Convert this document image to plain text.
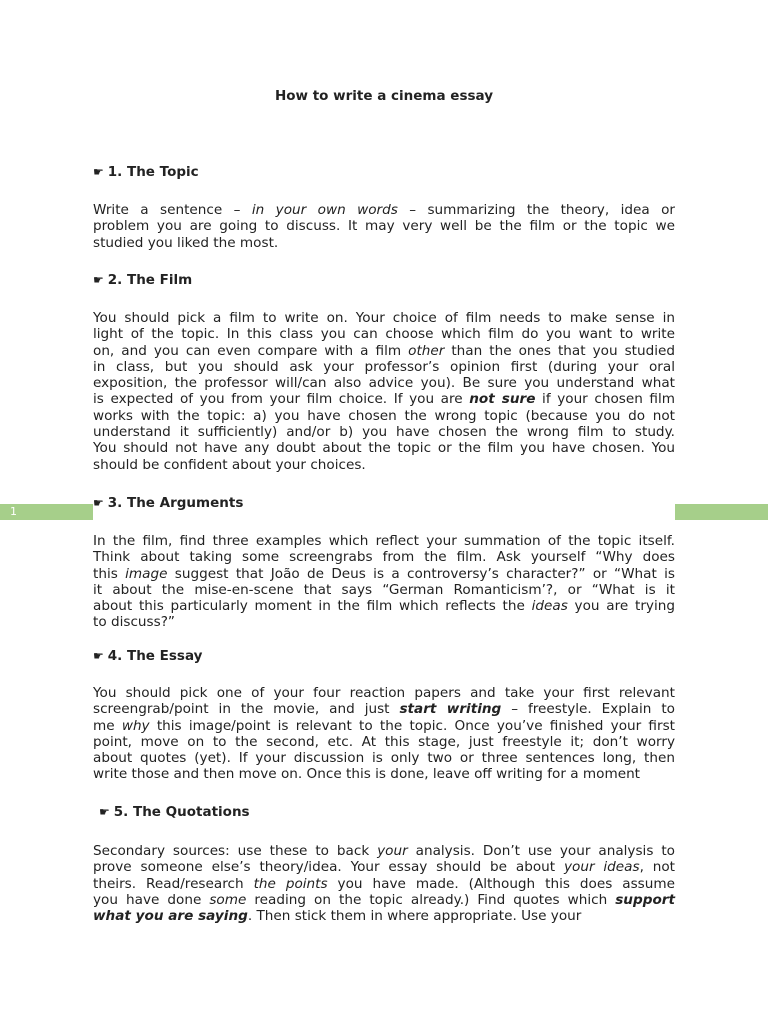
How to write a cinema essay
☛ 1. The Topic
Write a sentence – in your own words – summarizing the theory, idea or
problem you are going to discuss. It may very well be the film or the topic we
studied you liked the most.
☛ 2. The Film
You should pick a film to write on. Your choice of film needs to make sense in
light of the topic. In this class you can choose which film do you want to write
on, and you can even compare with a film other than the ones that you studied
in class, but you should ask your professor’s opinion first (during your oral
exposition, the professor will/can also advice you). Be sure you understand what
is expected of you from your film choice. If you are not sure if your chosen film
works with the topic: a) you have chosen the wrong topic (because you do not
understand it sufficiently) and/or b) you have chosen the wrong film to study.
You should not have any doubt about the topic or the film you have chosen. You
should be confident about your choices.
1
☛ 3. The Arguments
In the film, find three examples which reflect your summation of the topic itself.
Think about taking some screengrabs from the film. Ask yourself “Why does
this image suggest that João de Deus is a controversy’s character?” or “What is
it about the mise-en-scene that says “German Romanticism’?, or “What is it
about this particularly moment in the film which reflects the ideas you are trying
to discuss?”
☛ 4. The Essay
You should pick one of your four reaction papers and take your first relevant
screengrab/point in the movie, and just start writing – freestyle. Explain to
me why this image/point is relevant to the topic. Once you’ve finished your first
point, move on to the second, etc. At this stage, just freestyle it; don’t worry
about quotes (yet). If your discussion is only two or three sentences long, then
write those and then move on. Once this is done, leave off writing for a moment
☛ 5. The Quotations
Secondary sources: use these to back your analysis. Don’t use your analysis to
prove someone else’s theory/idea. Your essay should be about your ideas, not
theirs. Read/research the points you have made. (Although this does assume
you have done some reading on the topic already.) Find quotes which support
what you are saying. Then stick them in where appropriate. Use your
